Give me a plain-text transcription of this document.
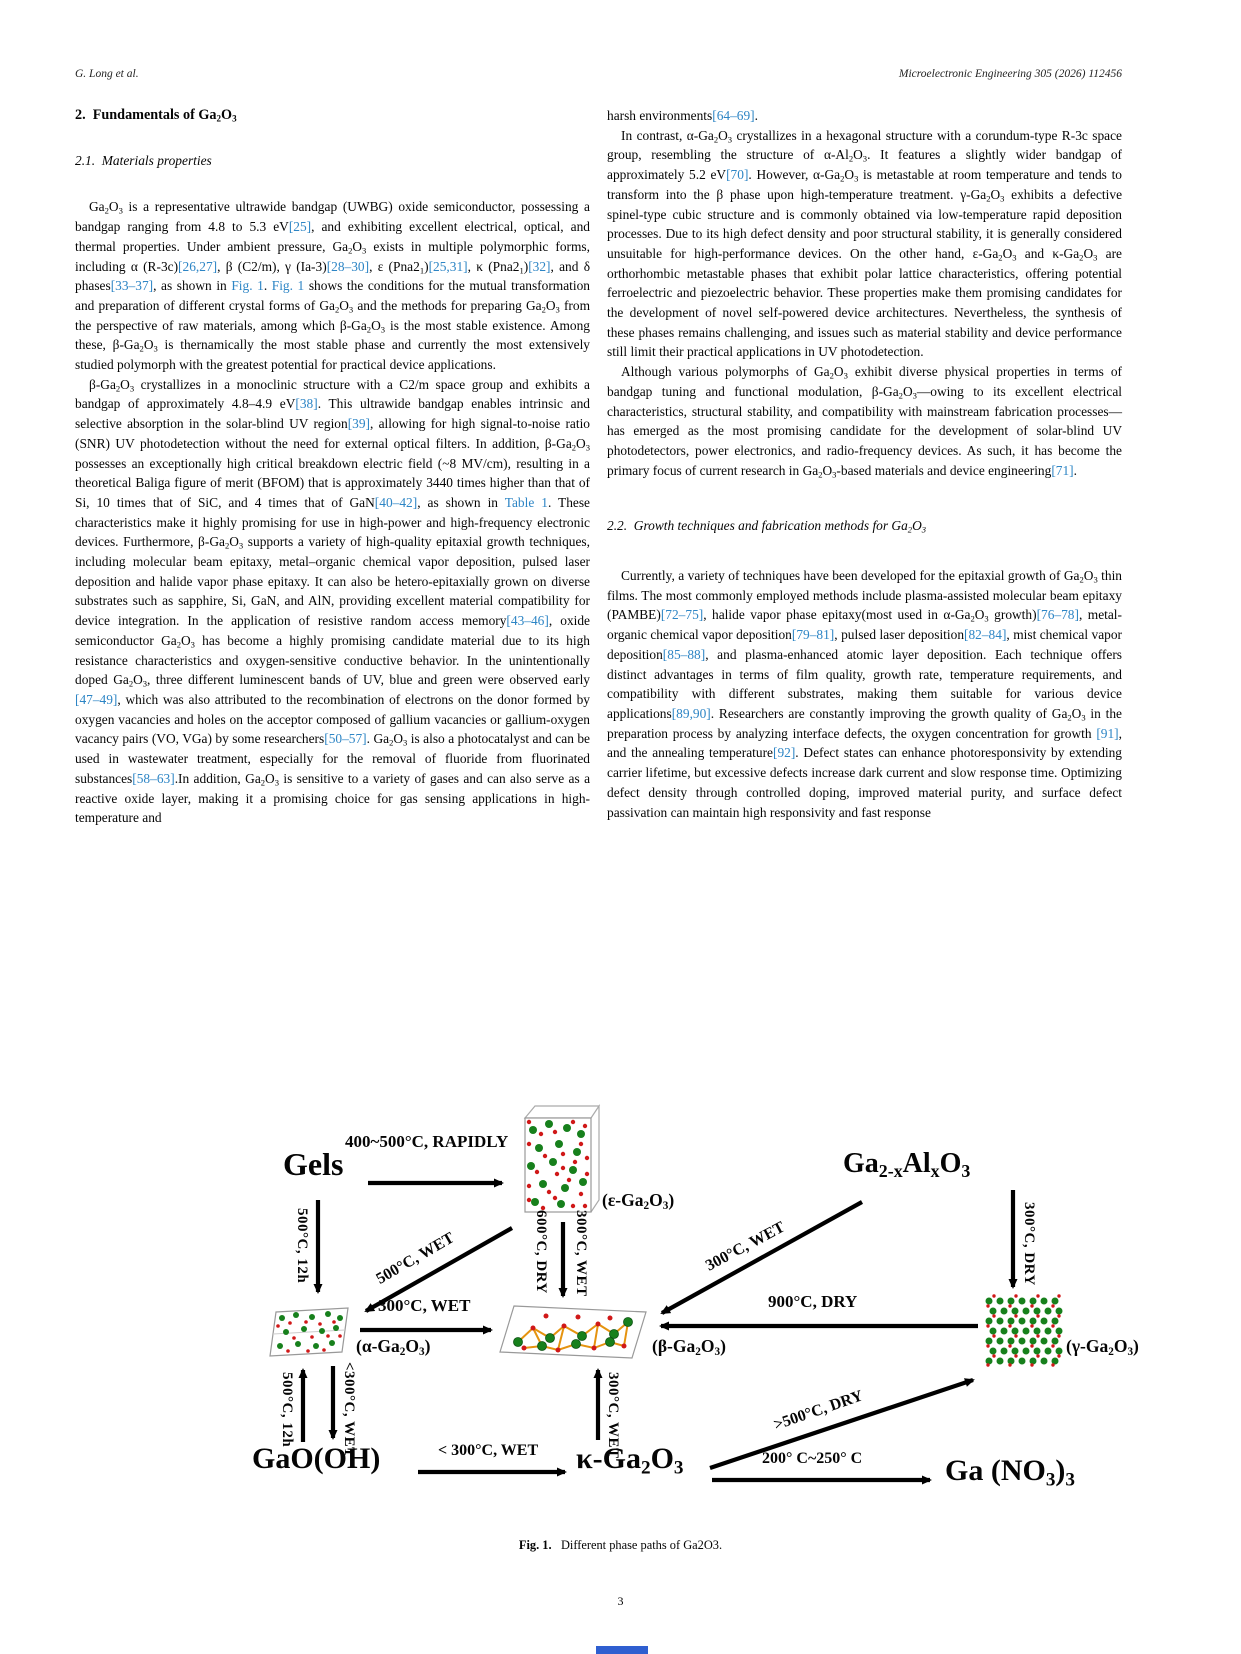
G. Long et al.	Microelectronic Engineering 305 (2026) 112456
2. Fundamentals of $Ga_2O_3$
2.1. Materials properties

$Ga_2O_3$ is a representative ultrawide bandgap (UWBG) oxide semiconductor, possessing a bandgap ranging from 4.8 to 5.3 eV[25], and exhibiting excellent electrical, optical, and thermal properties. Under ambient pressure, $Ga_2O_3$ exists in multiple polymorphic forms, including α (R-3c)[26,27], β (C2/m), γ (Ia-3)[28–30], ε $(Pna2_1)[25,31]$, κ $(Pna2_1)[32]$, and δ phases[33–37], as shown in Fig. 1. Fig. 1 shows the conditions for the mutual transformation and preparation of different crystal forms of $Ga_2O_3$ and the methods for preparing $Ga_2O_3$ from the perspective of raw materials, among which $\beta-Ga_2O_3$ is the most stable existence. Among these, $\beta-Ga_2O_3$ is thernamically the most stable phase and currently the most extensively studied polymorph with the greatest potential for practical device applications.

$\beta-Ga_2O_3$ crystallizes in a monoclinic structure with a C2/m space group and exhibits a bandgap of approximately 4.8–4.9 eV[38]. This ultrawide bandgap enables intrinsic and selective absorption in the solar-blind UV region[39], allowing for high signal-to-noise ratio (SNR) UV photodetection without the need for external optical filters. In addition, $\beta-Ga_2O_3$ possesses an exceptionally high critical breakdown electric field (~8 MV/cm), resulting in a theoretical Baliga figure of merit (BFOM) that is approximately 3440 times higher than that of Si, 10 times that of SiC, and 4 times that of GaN[40–42], as shown in Table 1. These characteristics make it highly promising for use in high-power and high-frequency electronic devices. Furthermore, $\beta-Ga_2O_3$ supports a variety of high-quality epitaxial growth techniques, including molecular beam epitaxy, metal–organic chemical vapor deposition, pulsed laser deposition and halide vapor phase epitaxy. It can also be hetero-epitaxially grown on diverse substrates such as sapphire, Si, GaN, and AlN, providing excellent material compatibility for device integration. In the application of resistive random access memory[43–46], oxide semiconductor $Ga_2O_3$ has become a highly promising candidate material due to its high resistance characteristics and oxygen-sensitive conductive behavior. In the unintentionally doped $Ga_2O_3$, three different luminescent bands of UV, blue and green were observed early [47–49], which was also attributed to the recombination of electrons on the donor formed by oxygen vacancies and holes on the acceptor composed of gallium vacancies or gallium-oxygen vacancy pairs (VO, VGa) by some researchers[50–57]. $Ga_2O_3$ is also a photocatalyst and can be used in wastewater treatment, especially for the removal of fluoride from fluorinated substances[58–63].In addition, $Ga_2O_3$ is sensitive to a variety of gases and can also serve as a reactive oxide layer, making it a promising choice for gas sensing applications in high-temperature and

harsh environments[64–69].

In contrast, $\alpha-Ga_2O_3$ crystallizes in a hexagonal structure with a corundum-type R-3c space group, resembling the structure of $\alpha-Al_2O_3$. It features a slightly wider bandgap of approximately 5.2 eV[70]. However, $\alpha-Ga_2O_3$ is metastable at room temperature and tends to transform into the β phase upon high-temperature treatment. $\gamma-Ga_2O_3$ exhibits a defective spinel-type cubic structure and is commonly obtained via low-temperature rapid deposition processes. Due to its high defect density and poor structural stability, it is generally considered unsuitable for high-performance devices. On the other hand, $\varepsilon-Ga_2O_3$ and $\kappa-Ga_2O_3$ are orthorhombic metastable phases that exhibit polar lattice characteristics, offering potential ferroelectric and piezoelectric behavior. These properties make them promising candidates for the development of novel self-powered device architectures. Nevertheless, the synthesis of these phases remains challenging, and issues such as material stability and device performance still limit their practical applications in UV photodetection.

Although various polymorphs of $Ga_2O_3$ exhibit diverse physical properties in terms of bandgap tuning and functional modulation, $\beta-Ga_2O_3—owing$ to its excellent electrical characteristics, structural stability, and compatibility with mainstream fabrication processes—has emerged as the most promising candidate for the development of solar-blind UV photodetectors, power electronics, and radio-frequency devices. As such, it has become the primary focus of current research in $Ga_2O_3$-based materials and device engineering[71].

2.2. Growth techniques and fabrication methods for $Ga_2O_3$

Currently, a variety of techniques have been developed for the epitaxial growth of $Ga_2O_3$ thin films. The most commonly employed methods include plasma-assisted molecular beam epitaxy (PAMBE)[72–75], halide vapor phase epitaxy(most used in $\alpha-Ga_2O_3$ growth)[76–78], metal-organic chemical vapor deposition[79–81], pulsed laser deposition[82–84], mist chemical vapor deposition[85–88], and plasma-enhanced atomic layer deposition. Each technique offers distinct advantages in terms of film quality, growth rate, temperature requirements, and compatibility with different substrates, making them suitable for various device applications[89,90]. Researchers are constantly improving the growth quality of $Ga_2O_3$ in the preparation process by analyzing interface defects, the oxygen concentration for growth [91], and the annealing temperature[92]. Defect states can enhance photoresponsivity by extending carrier lifetime, but excessive defects increase dark current and slow response time. Optimizing defect density through controlled doping, improved material purity, and surface defect passivation can maintain high responsivity and fast response

Gels	$Ga_{2-x}Al_xO_3$
GaO(OH)	$\kappa-Ga_2O_3$	Ga $(NO_3)_3$
$(\varepsilon-Ga_2O_3)$
$(\alpha-Ga_2O_3)$	$(\beta-Ga_2O_3)$	$(\gamma-Ga_2O_3)$
400~500°C, RAPIDLY
300°C, WET	900°C, DRY
< 300°C, WET	200° C~250° C
500°C, 12h	600°C, DRY 300°C, WET	300°C, DRY
500°C, 12h	<300°C, WET	300°C, WET
500°C, WET	300°C, WET
>500°C, DRY
Fig. 1. Different phase paths of Ga2O3.
3
